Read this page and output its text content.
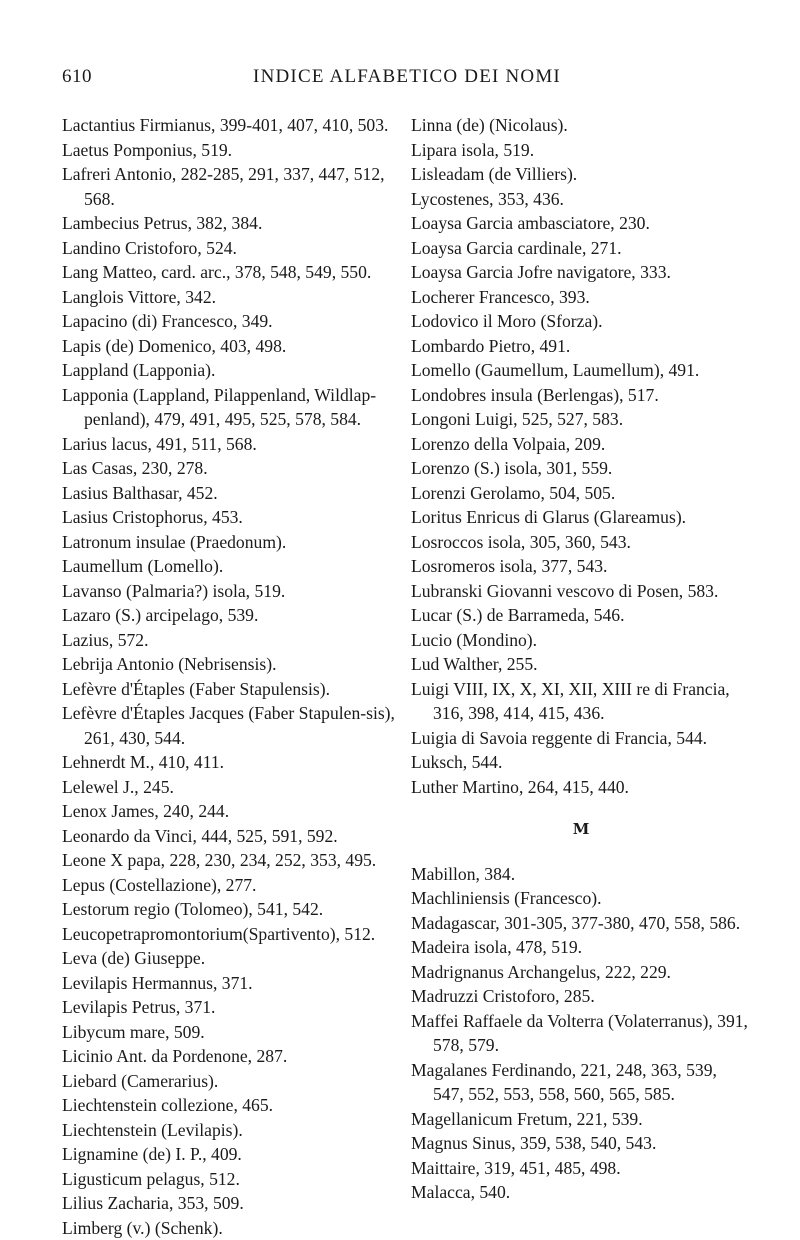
610	INDICE ALFABETICO DEI NOMI
Lactantius Firmianus, 399-401, 407, 410, 503.
Laetus Pomponius, 519.
Lafreri Antonio, 282-285, 291, 337, 447, 512, 568.
Lambecius Petrus, 382, 384.
Landino Cristoforo, 524.
Lang Matteo, card. arc., 378, 548, 549, 550.
Langlois Vittore, 342.
Lapacino (di) Francesco, 349.
Lapis (de) Domenico, 403, 498.
Lappland (Lapponia).
Lapponia (Lappland, Pilappenland, Wildlap-penland), 479, 491, 495, 525, 578, 584.
Larius lacus, 491, 511, 568.
Las Casas, 230, 278.
Lasius Balthasar, 452.
Lasius Cristophorus, 453.
Latronum insulae (Praedonum).
Laumellum (Lomello).
Lavanso (Palmaria?) isola, 519.
Lazaro (S.) arcipelago, 539.
Lazius, 572.
Lebrija Antonio (Nebrisensis).
Lefèvre d'Étaples (Faber Stapulensis).
Lefèvre d'Étaples Jacques (Faber Stapulen-sis), 261, 430, 544.
Lehnerdt M., 410, 411.
Lelewel J., 245.
Lenox James, 240, 244.
Leonardo da Vinci, 444, 525, 591, 592.
Leone X papa, 228, 230, 234, 252, 353, 495.
Lepus (Costellazione), 277.
Lestorum regio (Tolomeo), 541, 542.
Leucopetrapromontorium(Spartivento), 512.
Leva (de) Giuseppe.
Levilapis Hermannus, 371.
Levilapis Petrus, 371.
Libycum mare, 509.
Licinio Ant. da Pordenone, 287.
Liebard (Camerarius).
Liechtenstein collezione, 465.
Liechtenstein (Levilapis).
Lignamine (de) I. P., 409.
Ligusticum pelagus, 512.
Lilius Zacharia, 353, 509.
Limberg (v.) (Schenk).
Linna (de) (Nicolaus).
Lipara isola, 519.
Lisleadam (de Villiers).
Lycostenes, 353, 436.
Loaysa Garcia ambasciatore, 230.
Loaysa Garcia cardinale, 271.
Loaysa Garcia Jofre navigatore, 333.
Locherer Francesco, 393.
Lodovico il Moro (Sforza).
Lombardo Pietro, 491.
Lomello (Gaumellum, Laumellum), 491.
Londobres insula (Berlengas), 517.
Longoni Luigi, 525, 527, 583.
Lorenzo della Volpaia, 209.
Lorenzo (S.) isola, 301, 559.
Lorenzi Gerolamo, 504, 505.
Loritus Enricus di Glarus (Glareamus).
Losroccos isola, 305, 360, 543.
Losromeros isola, 377, 543.
Lubranski Giovanni vescovo di Posen, 583.
Lucar (S.) de Barrameda, 546.
Lucio (Mondino).
Lud Walther, 255.
Luigi VIII, IX, X, XI, XII, XIII re di Francia, 316, 398, 414, 415, 436.
Luigia di Savoia reggente di Francia, 544.
Luksch, 544.
Luther Martino, 264, 415, 440.
M
Mabillon, 384.
Machliniensis (Francesco).
Madagascar, 301-305, 377-380, 470, 558, 586.
Madeira isola, 478, 519.
Madrignanus Archangelus, 222, 229.
Madruzzi Cristoforo, 285.
Maffei Raffaele da Volterra (Volaterranus), 391, 578, 579.
Magalanes Ferdinando, 221, 248, 363, 539, 547, 552, 553, 558, 560, 565, 585.
Magellanicum Fretum, 221, 539.
Magnus Sinus, 359, 538, 540, 543.
Maittaire, 319, 451, 485, 498.
Malacca, 540.
